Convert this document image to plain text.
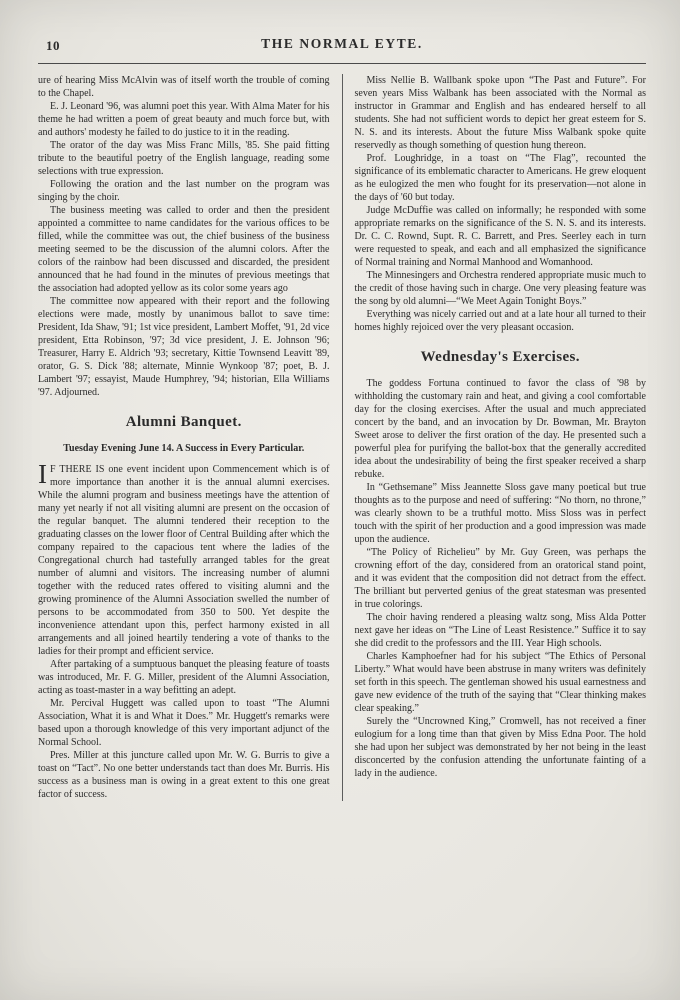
10	THE NORMAL EYTE.

ure of hearing Miss McAlvin was of itself worth the trouble of coming to the Chapel.

E. J. Leonard '96, was alumni poet this year. With Alma Mater for his theme he had written a poem of great beauty and much force but, with and authors' modesty he failed to do justice to it in the reading.

The orator of the day was Miss Franc Mills, '85. She paid fitting tribute to the beautiful poetry of the English language, reading some selections with true expression.

Following the oration and the last number on the program was singing by the choir.

The business meeting was called to order and then the president appointed a committee to name candidates for the various offices to be filled, while the committee was out, the chief business of the business meeting seemed to be the discussion of the alumni colors. After the colors of the rainbow had been discussed and discarded, the president announced that he had found in the minutes of previous meetings that the association had adopted yellow as its color some years ago

The committee now appeared with their report and the following elections were made, mostly by unanimous ballot to save time: President, Ida Shaw, '91; 1st vice president, Lambert Moffet, '91, 2d vice president, Etta Robinson, '97; 3d vice president, J. E. Johnson '96; Treasurer, Harry E. Aldrich '93; secretary, Kittie Townsend Leavitt '89, orator, G. S. Dick '88; alternate, Minnie Wynkoop '87; poet, B. J. Lambert '97; essayist, Maude Humphrey, '94; historian, Ella Williams '97. Adjourned.

Alumni Banquet.

Tuesday Evening June 14. A Success in Every Particular.

IF THERE IS one event incident upon Commencement which is of more importance than another it is the annual alumni exercises. While the alumni program and business meetings have the attention of many yet nearly if not all visiting alumni are present on the occasion of the regular banquet. The alumni tendered their reception to the graduating classes on the lower floor of Central Building after which the company repaired to the capacious tent where the ladies of the Congregational church had tastefully arranged tables for the great number of alumni and visitors. The increasing number of alumni together with the reduced rates offered to visiting alumni and the growing prominence of the Alumni Association swelled the number of persons to be accommodated from 350 to 500. Yet despite the inconvenience attendant upon this, perfect harmony existed in all arrangements and all joined heartily tendering a vote of thanks to the ladies for their prompt and efficient service.

After partaking of a sumptuous banquet the pleasing feature of toasts was introduced, Mr. F. G. Miller, president of the Alumni Association, acting as toast-master in a way befitting an adept.

Mr. Percival Huggett was called upon to toast “The Alumni Association, What it is and What it Does.” Mr. Huggett's remarks were based upon a thorough knowledge of this very important adjunct of the Normal School.

Pres. Miller at this juncture called upon Mr. W. G. Burris to give a toast on “Tact”. No one better understands tact than does Mr. Burris. His success as a business man is owing in a great extent to this one great factor of success.

Miss Nellie B. Wallbank spoke upon “The Past and Future”. For seven years Miss Walbank has been associated with the Normal as instructor in Grammar and English and has endeared herself to all students. She had not sufficient words to depict her great esteem for S. N. S. and its interests. About the future Miss Walbank spoke quite reservedly as though something of question hung thereon.

Prof. Loughridge, in a toast on “The Flag”, recounted the significance of its emblematic character to Americans. He grew eloquent as he eulogized the men who fought for its preservation—not alone in the days of '60 but today.

Judge McDuffie was called on informally; he responded with some appropriate remarks on the significance of the S. N. S. and its interests. Dr. C. C. Rownd, Supt. R. C. Barrett, and Pres. Seerley each in turn were requested to speak, and each and all emphasized the significance of Normal training and Normal Manhood and Womanhood.

The Minnesingers and Orchestra rendered appropriate music much to the credit of those having such in charge. One very pleasing feature was the song by old alumni—“We Meet Again Tonight Boys.”

Everything was nicely carried out and at a late hour all turned to their homes highly rejoiced over the very pleasant occasion.

Wednesday's Exercises.

The goddess Fortuna continued to favor the class of '98 by withholding the customary rain and heat, and giving a cool comfortable day for the closing exercises. After the usual and much appreciated concert by the band, and an invocation by Dr. Bowman, Mr. Brayton Sweet arose to deliver the first oration of the day. He presented such a powerful plea for purifying the ballot-box that the generally accredited idea about the undesirability of being the first speaker received a sharp rebuke.

In “Gethsemane” Miss Jeannette Sloss gave many poetical but true thoughts as to the purpose and need of suffering: “No thorn, no throne,” was clearly shown to be a truthful motto. Miss Sloss was in perfect touch with the spirit of her production and a good impression was made upon the audience.

“The Policy of Richelieu” by Mr. Guy Green, was perhaps the crowning effort of the day, considered from an oratorical stand point, and it was evident that the composition did not detract from the effect. The brilliant but perverted genius of the great statesman was presented in true colorings.

The choir having rendered a pleasing waltz song, Miss Alda Potter next gave her ideas on “The Line of Least Resistence.” Suffice it to say she did credit to the professors and the III. Year High schools.

Charles Kamphoefner had for his subject “The Ethics of Personal Liberty.” What would have been abstruse in many writers was definitely set forth in this speech. The gentleman showed his usual earnestness and gave new evidence of the truth of the saying that “Clear thinking makes clear speaking.”

Surely the “Uncrowned King,” Cromwell, has not received a finer eulogium for a long time than that given by Miss Edna Poor. The hold she had upon her subject was demonstrated by her not being in the least disconcerted by the confusion attending the unfortunate fainting of a lady in the audience.
